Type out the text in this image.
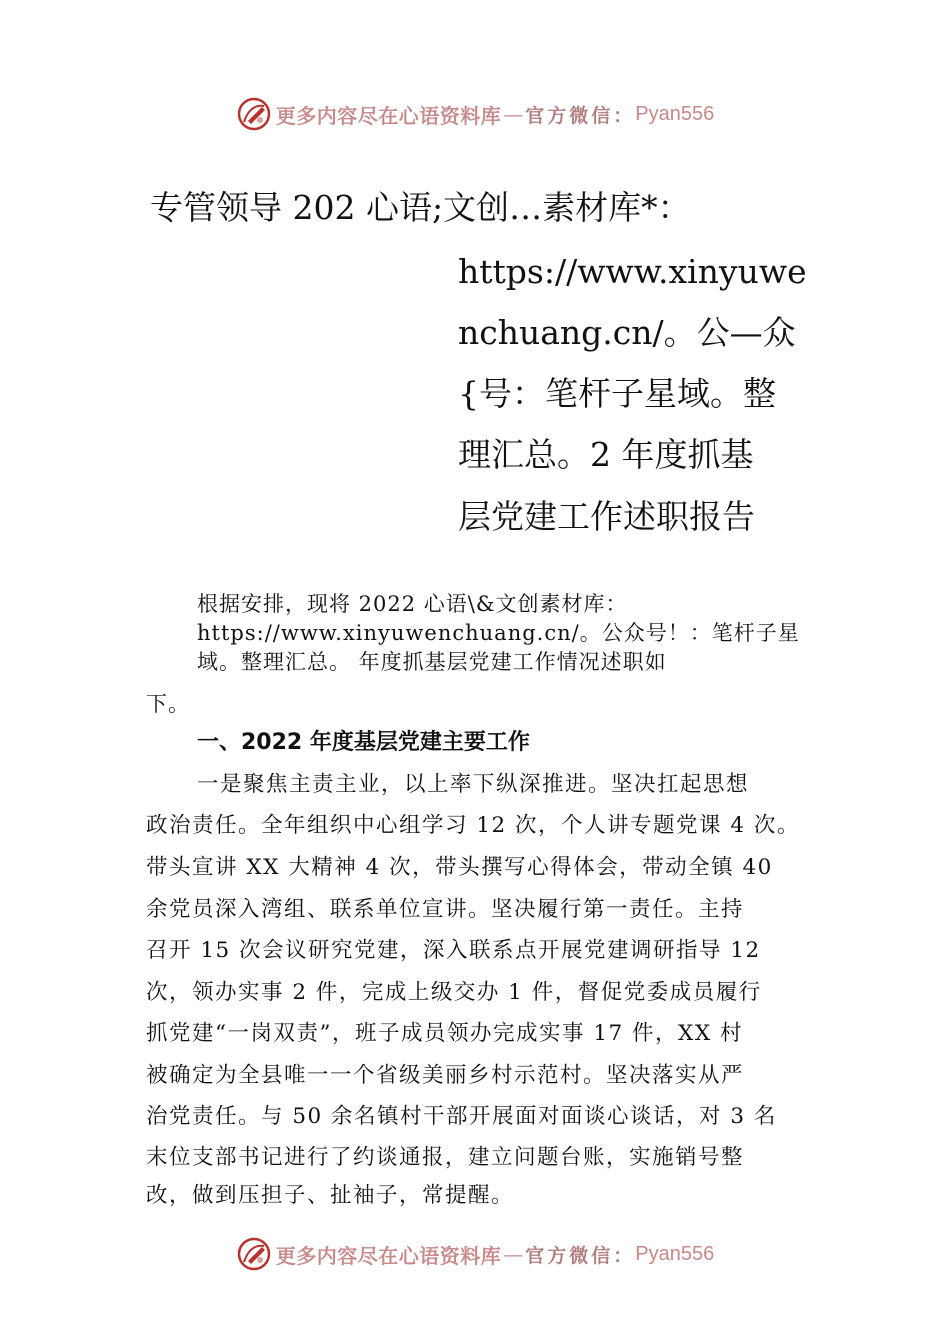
更多内容尽在心语资料库 — 官方微信： Pyan556
专管领导 202 心语;文创…素材库*：
https://www.xinyuwe
nchuang.cn/。公—众
{号：笔杆子星域。整
理汇总。2 年度抓基
层党建工作述职报告
根据安排，现将 2022 心语\&文创素材库：
https://www.xinyuwenchuang.cn/。公众号！：笔杆子星
域。整理汇总。 年度抓基层党建工作情况述职如
下。
一、2022 年度基层党建主要工作
一是聚焦主责主业，以上率下纵深推进。坚决扛起思想
政治责任。全年组织中心组学习 12 次，个人讲专题党课 4 次。
带头宣讲 XX 大精神 4 次，带头撰写心得体会，带动全镇 40
余党员深入湾组、联系单位宣讲。坚决履行第一责任。主持
召开 15 次会议研究党建，深入联系点开展党建调研指导 12
次，领办实事 2 件，完成上级交办 1 件，督促党委成员履行
抓党建“一岗双责”，班子成员领办完成实事 17 件，XX 村
被确定为全县唯一一个省级美丽乡村示范村。坚决落实从严
治党责任。与 50 余名镇村干部开展面对面谈心谈话，对 3 名
末位支部书记进行了约谈通报，建立问题台账，实施销号整
改，做到压担子、扯袖子，常提醒。
更多内容尽在心语资料库 — 官方微信： Pyan556
